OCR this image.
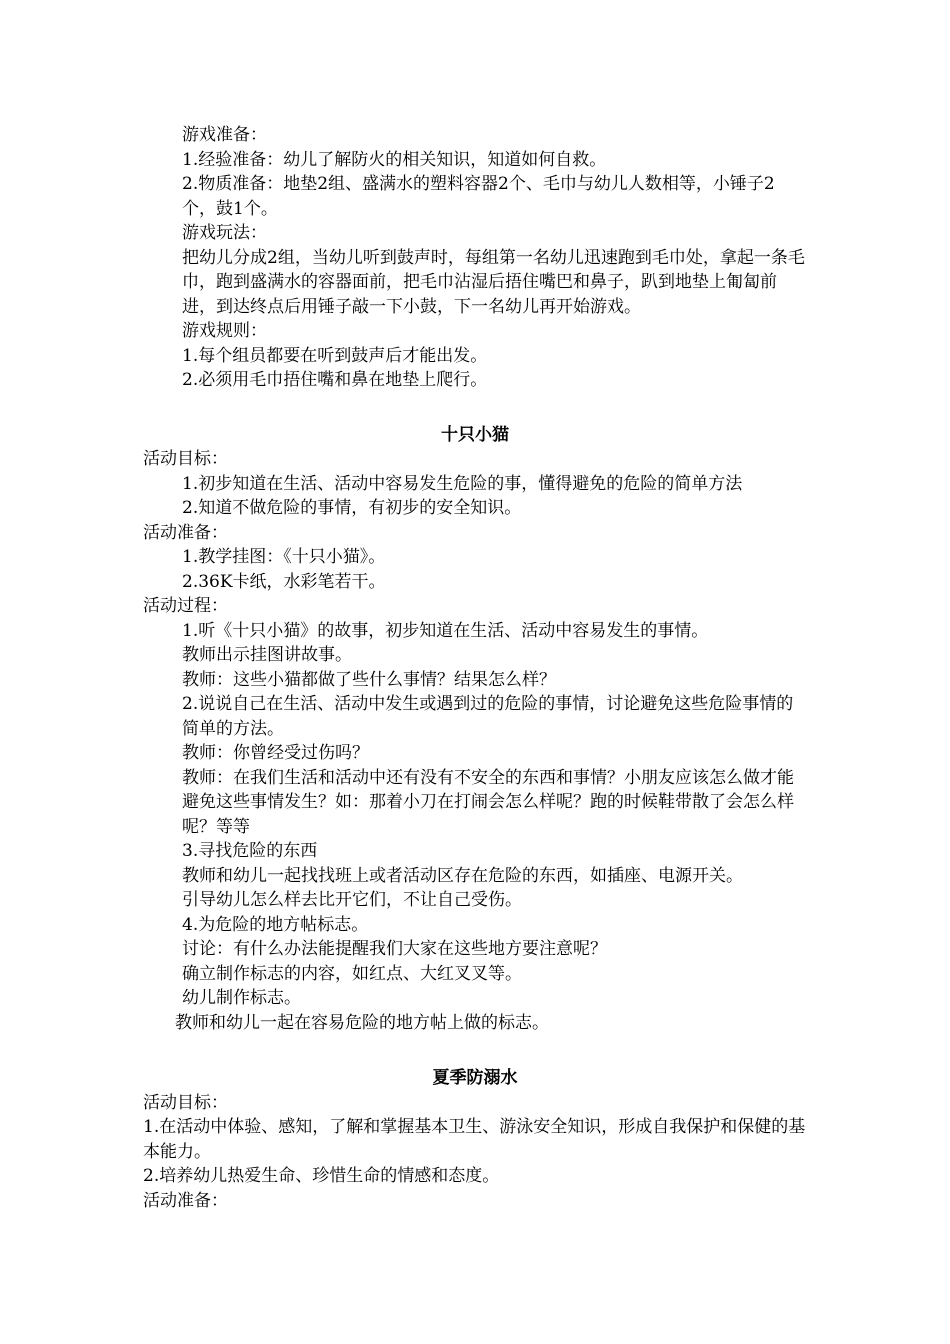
游戏准备：

1.经验准备：幼儿了解防火的相关知识，知道如何自救。

2.物质准备：地垫2组、盛满水的塑料容器2个、毛巾与幼儿人数相等，小锤子2个，鼓1个。

游戏玩法：

把幼儿分成2组，当幼儿听到鼓声时，每组第一名幼儿迅速跑到毛巾处，拿起一条毛巾，跑到盛满水的容器面前，把毛巾沾湿后捂住嘴巴和鼻子，趴到地垫上匍匐前进，到达终点后用锤子敲一下小鼓，下一名幼儿再开始游戏。

游戏规则：

1.每个组员都要在听到鼓声后才能出发。

2.必须用毛巾捂住嘴和鼻在地垫上爬行。

十只小猫

活动目标：

1.初步知道在生活、活动中容易发生危险的事，懂得避免的危险的简单方法

2.知道不做危险的事情，有初步的安全知识。

活动准备：

1.教学挂图：《十只小猫》。

2.36K卡纸，水彩笔若干。

活动过程：

1.听《十只小猫》的故事，初步知道在生活、活动中容易发生的事情。

教师出示挂图讲故事。

教师：这些小猫都做了些什么事情？结果怎么样？

2.说说自己在生活、活动中发生或遇到过的危险的事情，讨论避免这些危险事情的简单的方法。

教师：你曾经受过伤吗？

教师：在我们生活和活动中还有没有不安全的东西和事情？小朋友应该怎么做才能避免这些事情发生？如：那着小刀在打闹会怎么样呢？跑的时候鞋带散了会怎么样呢？等等

3.寻找危险的东西

教师和幼儿一起找找班上或者活动区存在危险的东西，如插座、电源开关。

引导幼儿怎么样去比开它们，不让自己受伤。

4.为危险的地方帖标志。

讨论：有什么办法能提醒我们大家在这些地方要注意呢？

确立制作标志的内容，如红点、大红叉叉等。

幼儿制作标志。

教师和幼儿一起在容易危险的地方帖上做的标志。

夏季防溺水

活动目标：

1.在活动中体验、感知，了解和掌握基本卫生、游泳安全知识，形成自我保护和保健的基本能力。

2.培养幼儿热爱生命、珍惜生命的情感和态度。

活动准备：
